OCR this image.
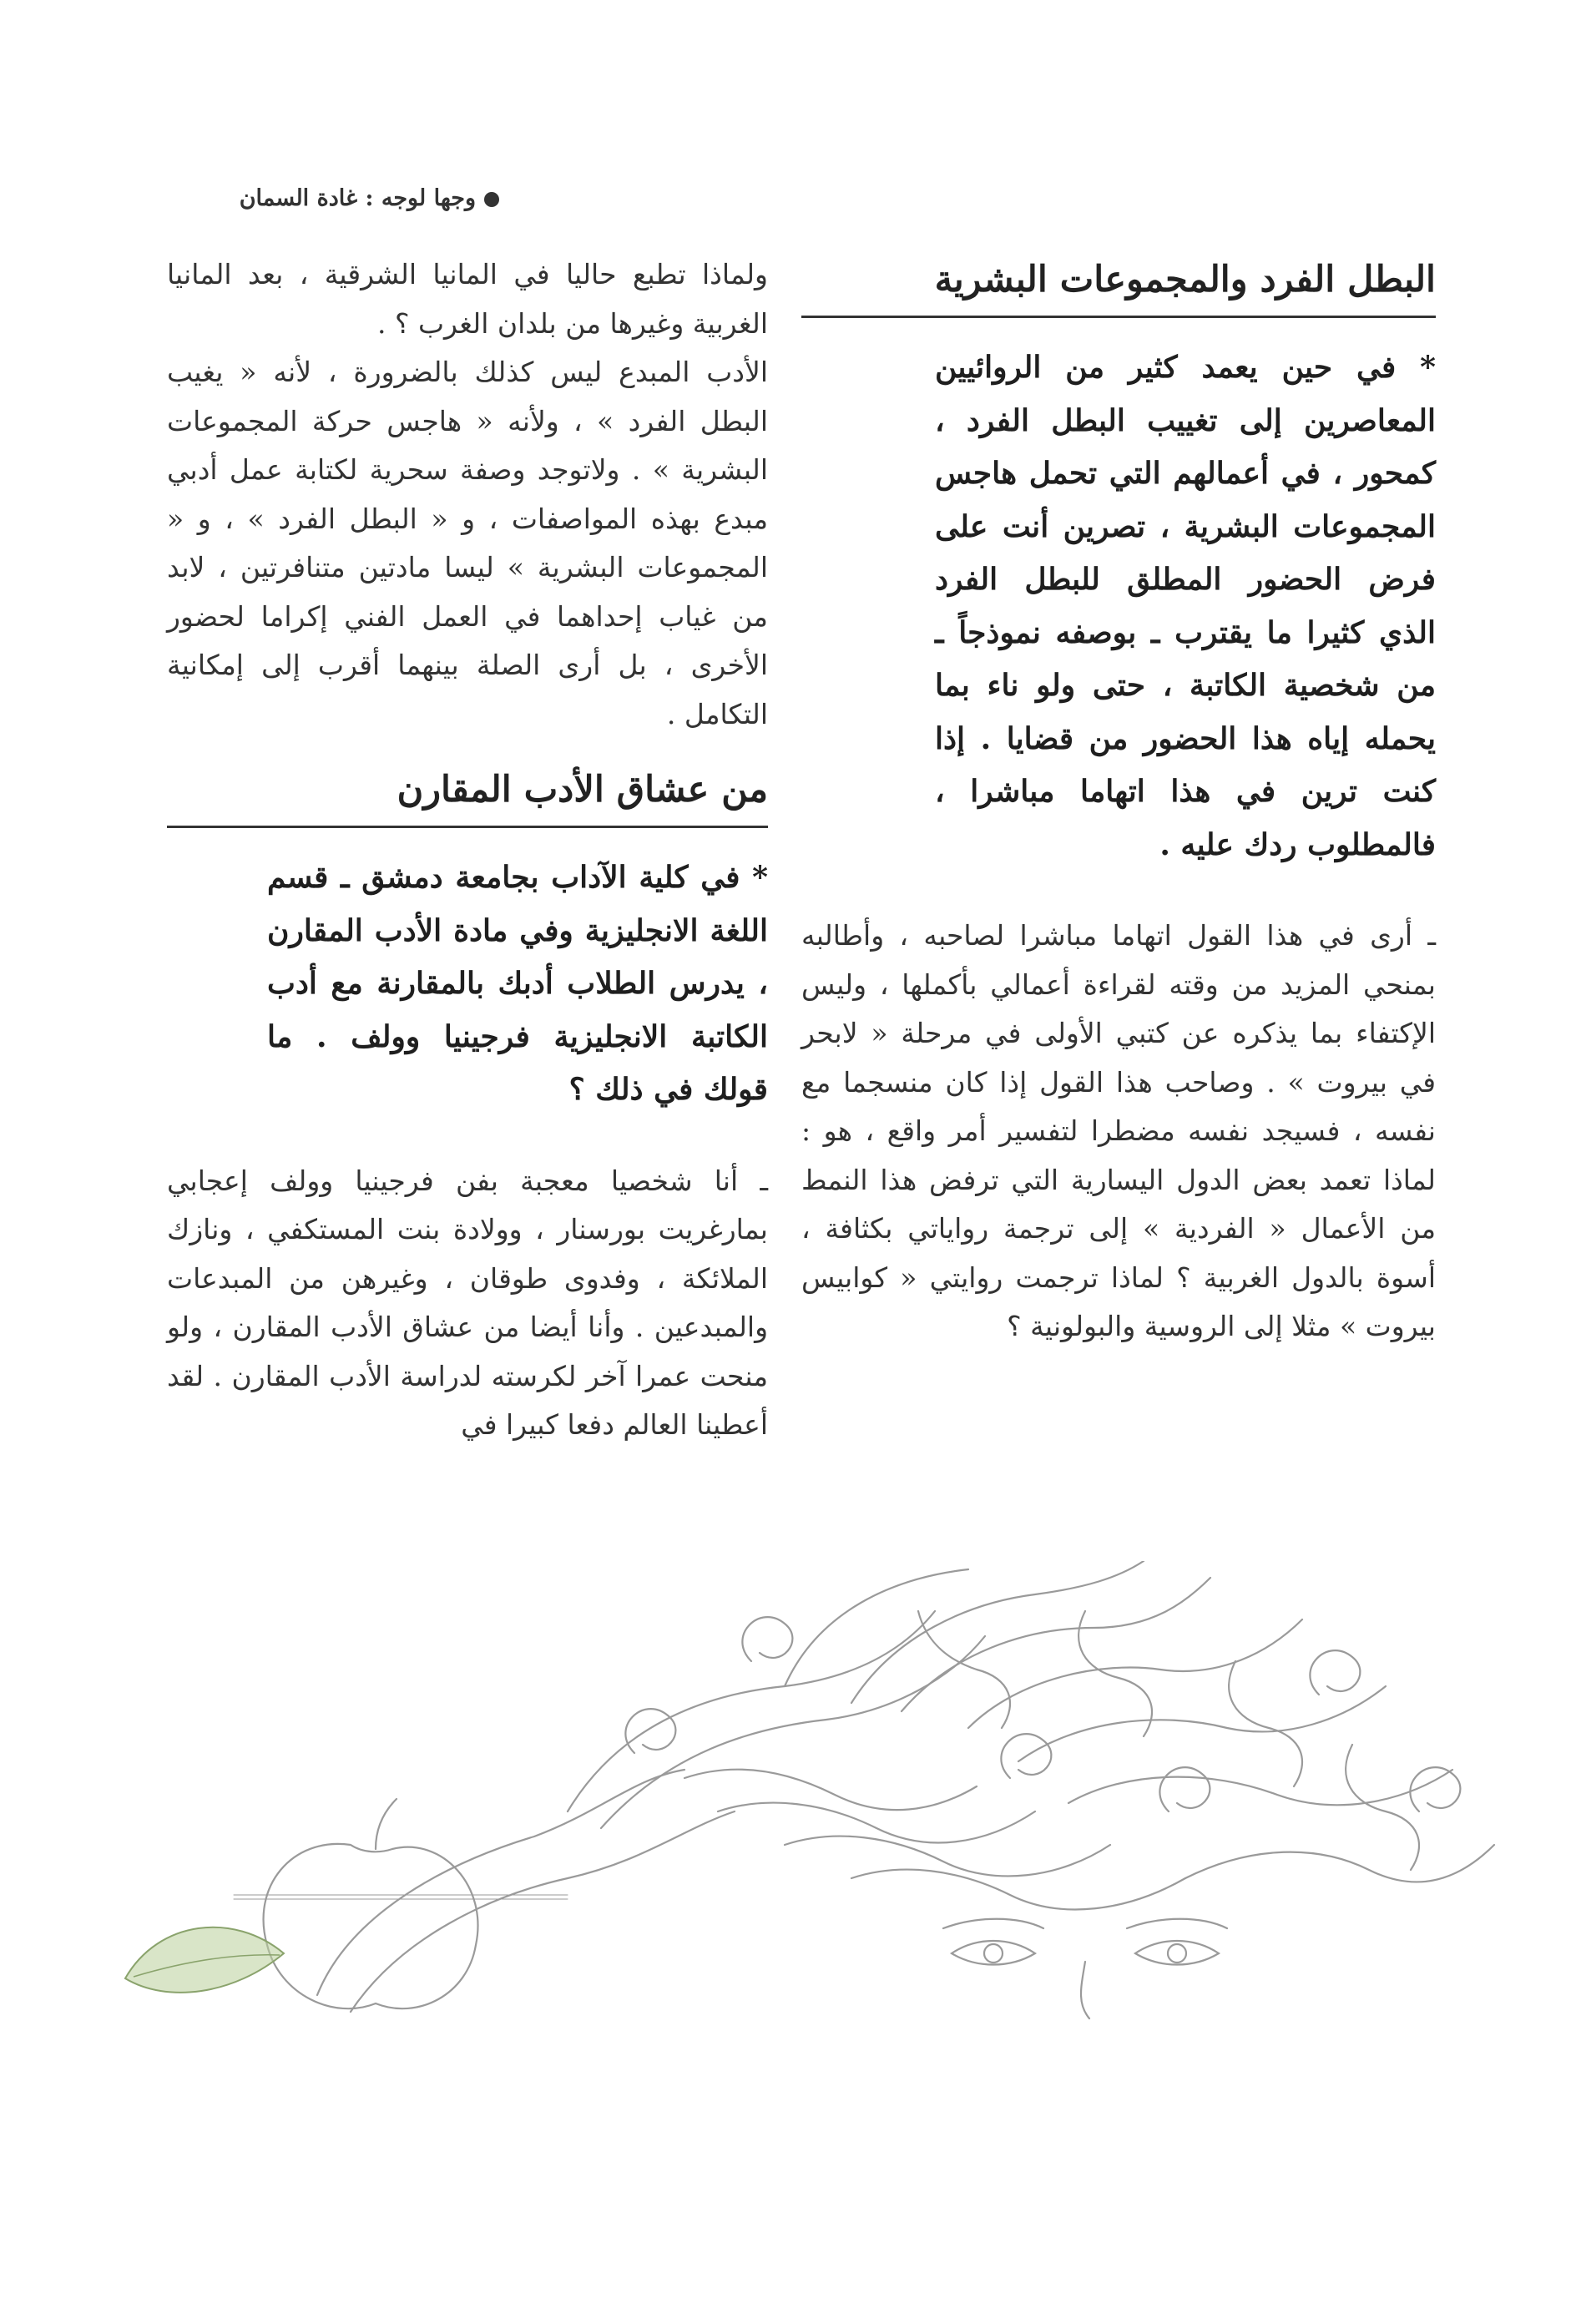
وجها لوجه : غادة السمان
البطل الفرد والمجموعات البشرية

* في حين يعمد كثير من الروائيين المعاصرين إلى تغييب البطل الفرد ، كمحور ، في أعمالهم التي تحمل هاجس المجموعات البشرية ، تصرين أنت على فرض الحضور المطلق للبطل الفرد الذي كثيرا ما يقترب ـ بوصفه نموذجاً ـ من شخصية الكاتبة ، حتى ولو ناء بما يحمله إياه هذا الحضور من قضايا . إذا كنت ترين في هذا اتهاما مباشرا ، فالمطلوب ردك عليه .

ـ أرى في هذا القول اتهاما مباشرا لصاحبه ، وأطالبه بمنحي المزيد من وقته لقراءة أعمالي بأكملها ، وليس الإكتفاء بما يذكره عن كتبي الأولى في مرحلة « لابحر في بيروت » . وصاحب هذا القول إذا كان منسجما مع نفسه ، فسيجد نفسه مضطرا لتفسير أمر واقع ، هو : لماذا تعمد بعض الدول اليسارية التي ترفض هذا النمط من الأعمال « الفردية » إلى ترجمة رواياتي بكثافة ، أسوة بالدول الغربية ؟ لماذا ترجمت روايتي « كوابيس بيروت » مثلا إلى الروسية والبولونية ؟

ولماذا تطبع حاليا في المانيا الشرقية ، بعد المانيا الغربية وغيرها من بلدان الغرب ؟ .

الأدب المبدع ليس كذلك بالضرورة ، لأنه « يغيب البطل الفرد » ، ولأنه « هاجس حركة المجموعات البشرية » . ولاتوجد وصفة سحرية لكتابة عمل أدبي مبدع بهذه المواصفات ، و « البطل الفرد » ، و « المجموعات البشرية » ليسا مادتين متنافرتين ، لابد من غياب إحداهما في العمل الفني إكراما لحضور الأخرى ، بل أرى الصلة بينهما أقرب إلى إمكانية التكامل .

من عشاق الأدب المقارن

* في كلية الآداب بجامعة دمشق ـ قسم اللغة الانجليزية وفي مادة الأدب المقارن ، يدرس الطلاب أدبك بالمقارنة مع أدب الكاتبة الانجليزية فرجينيا وولف . ما قولك في ذلك ؟

ـ أنا شخصيا معجبة بفن فرجينيا وولف إعجابي بمارغريت بورسنار ، وولادة بنت المستكفي ، ونازك الملائكة ، وفدوى طوقان ، وغيرهن من المبدعات والمبدعين . وأنا أيضا من عشاق الأدب المقارن ، ولو منحت عمرا آخر لكرسته لدراسة الأدب المقارن . لقد أعطينا العالم دفعا كبيرا في
